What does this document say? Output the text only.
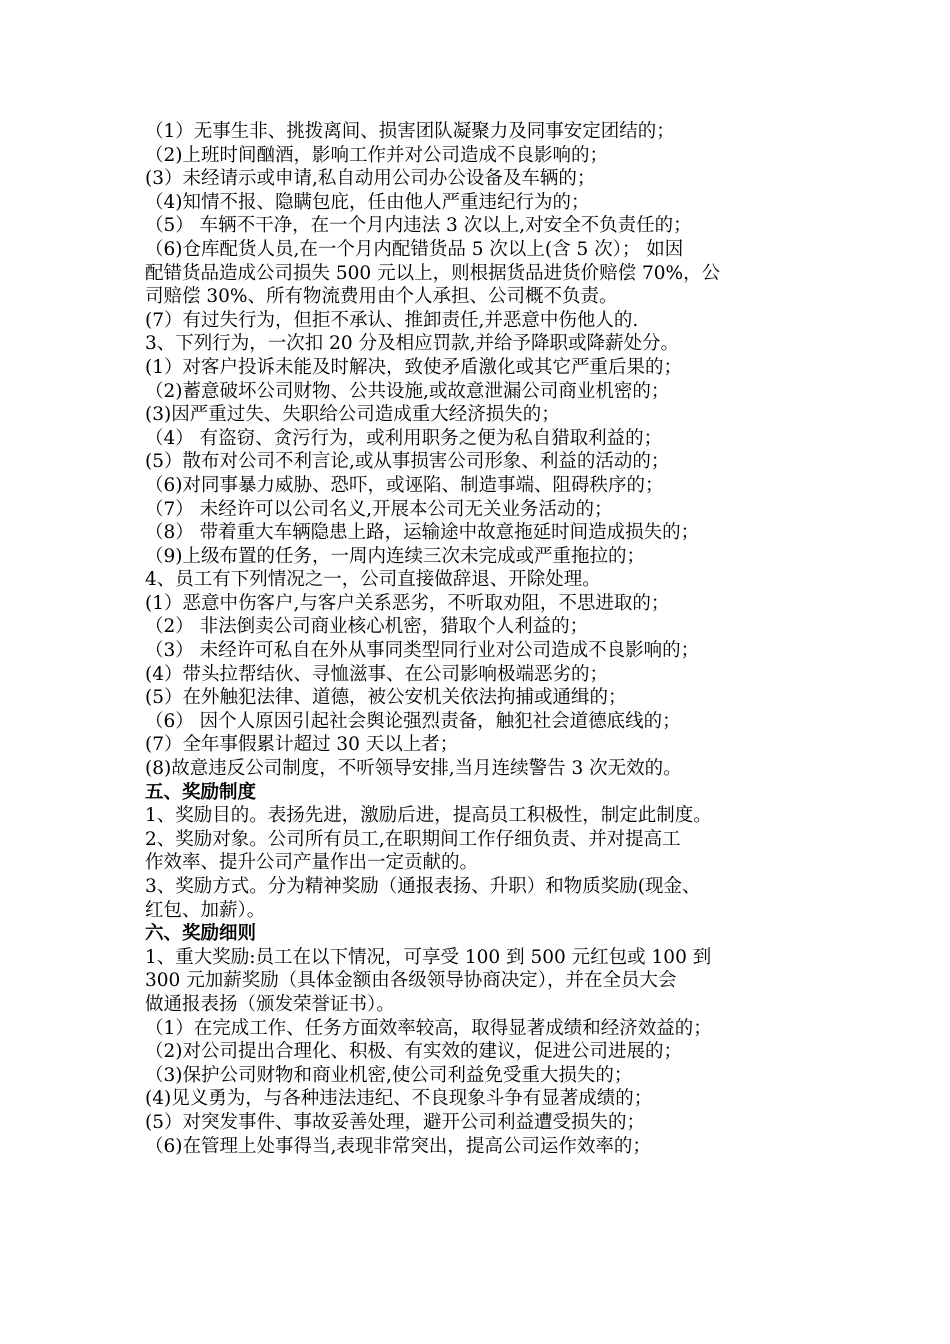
（1）无事生非、挑拨离间、损害团队凝聚力及同事安定团结的；
（2)上班时间酗酒，影响工作并对公司造成不良影响的；
(3）未经请示或申请,私自动用公司办公设备及车辆的；
（4)知情不报、隐瞒包庇，任由他人严重违纪行为的；
（5） 车辆不干净，在一个月内违法 3 次以上,对安全不负责任的；
（6)仓库配货人员,在一个月内配错货品 5 次以上(含 5 次）； 如因
配错货品造成公司损失 500 元以上，则根据货品进货价赔偿 70%，公
司赔偿 30%、所有物流费用由个人承担、公司概不负责。
(7）有过失行为，但拒不承认、推卸责任,并恶意中伤他人的.
3、下列行为，一次扣 20 分及相应罚款,并给予降职或降薪处分。
(1）对客户投诉未能及时解决，致使矛盾激化或其它严重后果的；
（2)蓄意破坏公司财物、公共设施,或故意泄漏公司商业机密的；
(3)因严重过失、失职给公司造成重大经济损失的；
（4） 有盗窃、贪污行为，或利用职务之便为私自猎取利益的；
(5）散布对公司不利言论,或从事损害公司形象、利益的活动的；
（6)对同事暴力威胁、恐吓，或诬陷、制造事端、阻碍秩序的；
（7） 未经许可以公司名义,开展本公司无关业务活动的；
（8） 带着重大车辆隐患上路，运输途中故意拖延时间造成损失的；
（9)上级布置的任务，一周内连续三次未完成或严重拖拉的；
4、员工有下列情况之一，公司直接做辞退、开除处理。
(1）恶意中伤客户,与客户关系恶劣，不听取劝阻，不思进取的；
（2） 非法倒卖公司商业核心机密，猎取个人利益的；
（3） 未经许可私自在外从事同类型同行业对公司造成不良影响的；
(4）带头拉帮结伙、寻恤滋事、在公司影响极端恶劣的；
(5）在外触犯法律、道德，被公安机关依法拘捕或通缉的；
（6） 因个人原因引起社会舆论强烈责备，触犯社会道德底线的；
(7）全年事假累计超过 30 天以上者；
(8)故意违反公司制度，不听领导安排,当月连续警告 3 次无效的。
五、奖励制度
1、奖励目的。表扬先进，激励后进，提高员工积极性，制定此制度。
2、奖励对象。公司所有员工,在职期间工作仔细负责、并对提高工
作效率、提升公司产量作出一定贡献的。
3、奖励方式。分为精神奖励（通报表扬、升职）和物质奖励(现金、
红包、加薪）。
六、奖励细则
1、重大奖励:员工在以下情况，可享受 100 到 500 元红包或 100 到
300 元加薪奖励（具体金额由各级领导协商决定），并在全员大会
做通报表扬（颁发荣誉证书）。
（1）在完成工作、任务方面效率较高，取得显著成绩和经济效益的；
（2)对公司提出合理化、积极、有实效的建议，促进公司进展的；
（3)保护公司财物和商业机密,使公司利益免受重大损失的；
(4)见义勇为，与各种违法违纪、不良现象斗争有显著成绩的；
(5）对突发事件、事故妥善处理，避开公司利益遭受损失的；
（6)在管理上处事得当,表现非常突出，提高公司运作效率的；
